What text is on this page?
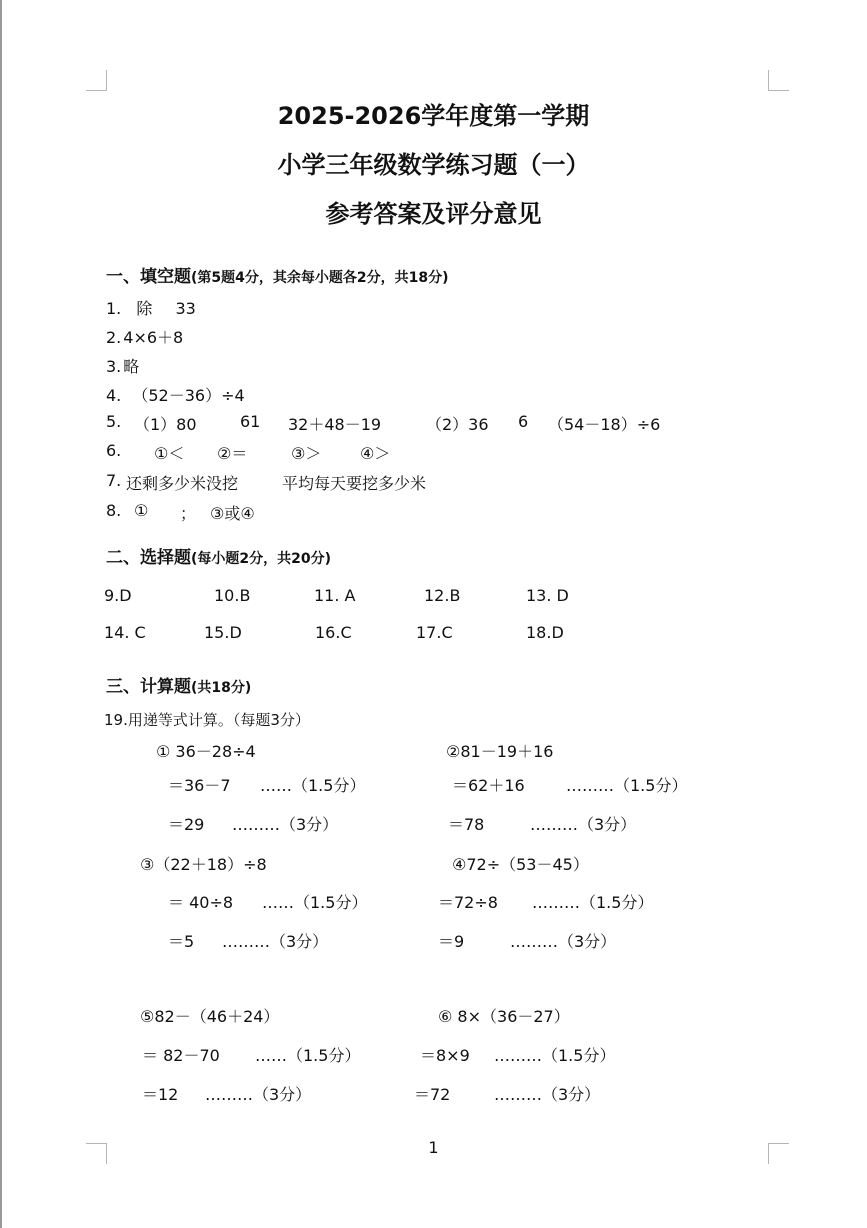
2025-2026学年度第一学期
小学三年级数学练习题（一）
参考答案及评分意见
一、填空题(第5题4分，其余每小题各2分，共18分)
1. 除 33
2. 4×6＋8
3. 略
4. （52－36）÷4
5. （1）80	61 32＋48－19	（2）36 6 （54－18）÷6
6. ①＜ ②＝	③＞ ④＞
7. 还剩多少米没挖	平均每天要挖多少米
8. ① ； ③或④
二、选择题(每小题2分，共20分)
9.D	10.B	11. A	12.B	13. D
14. C	15.D	16.C	17.C	18.D
三、计算题(共18分)
19.用递等式计算。（每题3分）
① 36－28÷4
＝36－7 ……（1.5分）
＝29 ………（3分）
②81－19＋16
＝62＋16	………（1.5分）
＝78	………（3分）
③（22＋18）÷8
＝ 40÷8 ……（1.5分）
＝5 ………（3分）
④72÷（53－45）
＝72÷8 ………（1.5分）
＝9	………（3分）
⑤82－（46＋24）
＝ 82－70 ……（1.5分）
＝12 ………（3分）
⑥ 8×（36－27）
＝8×9 ………（1.5分）
＝72	………（3分）
1
